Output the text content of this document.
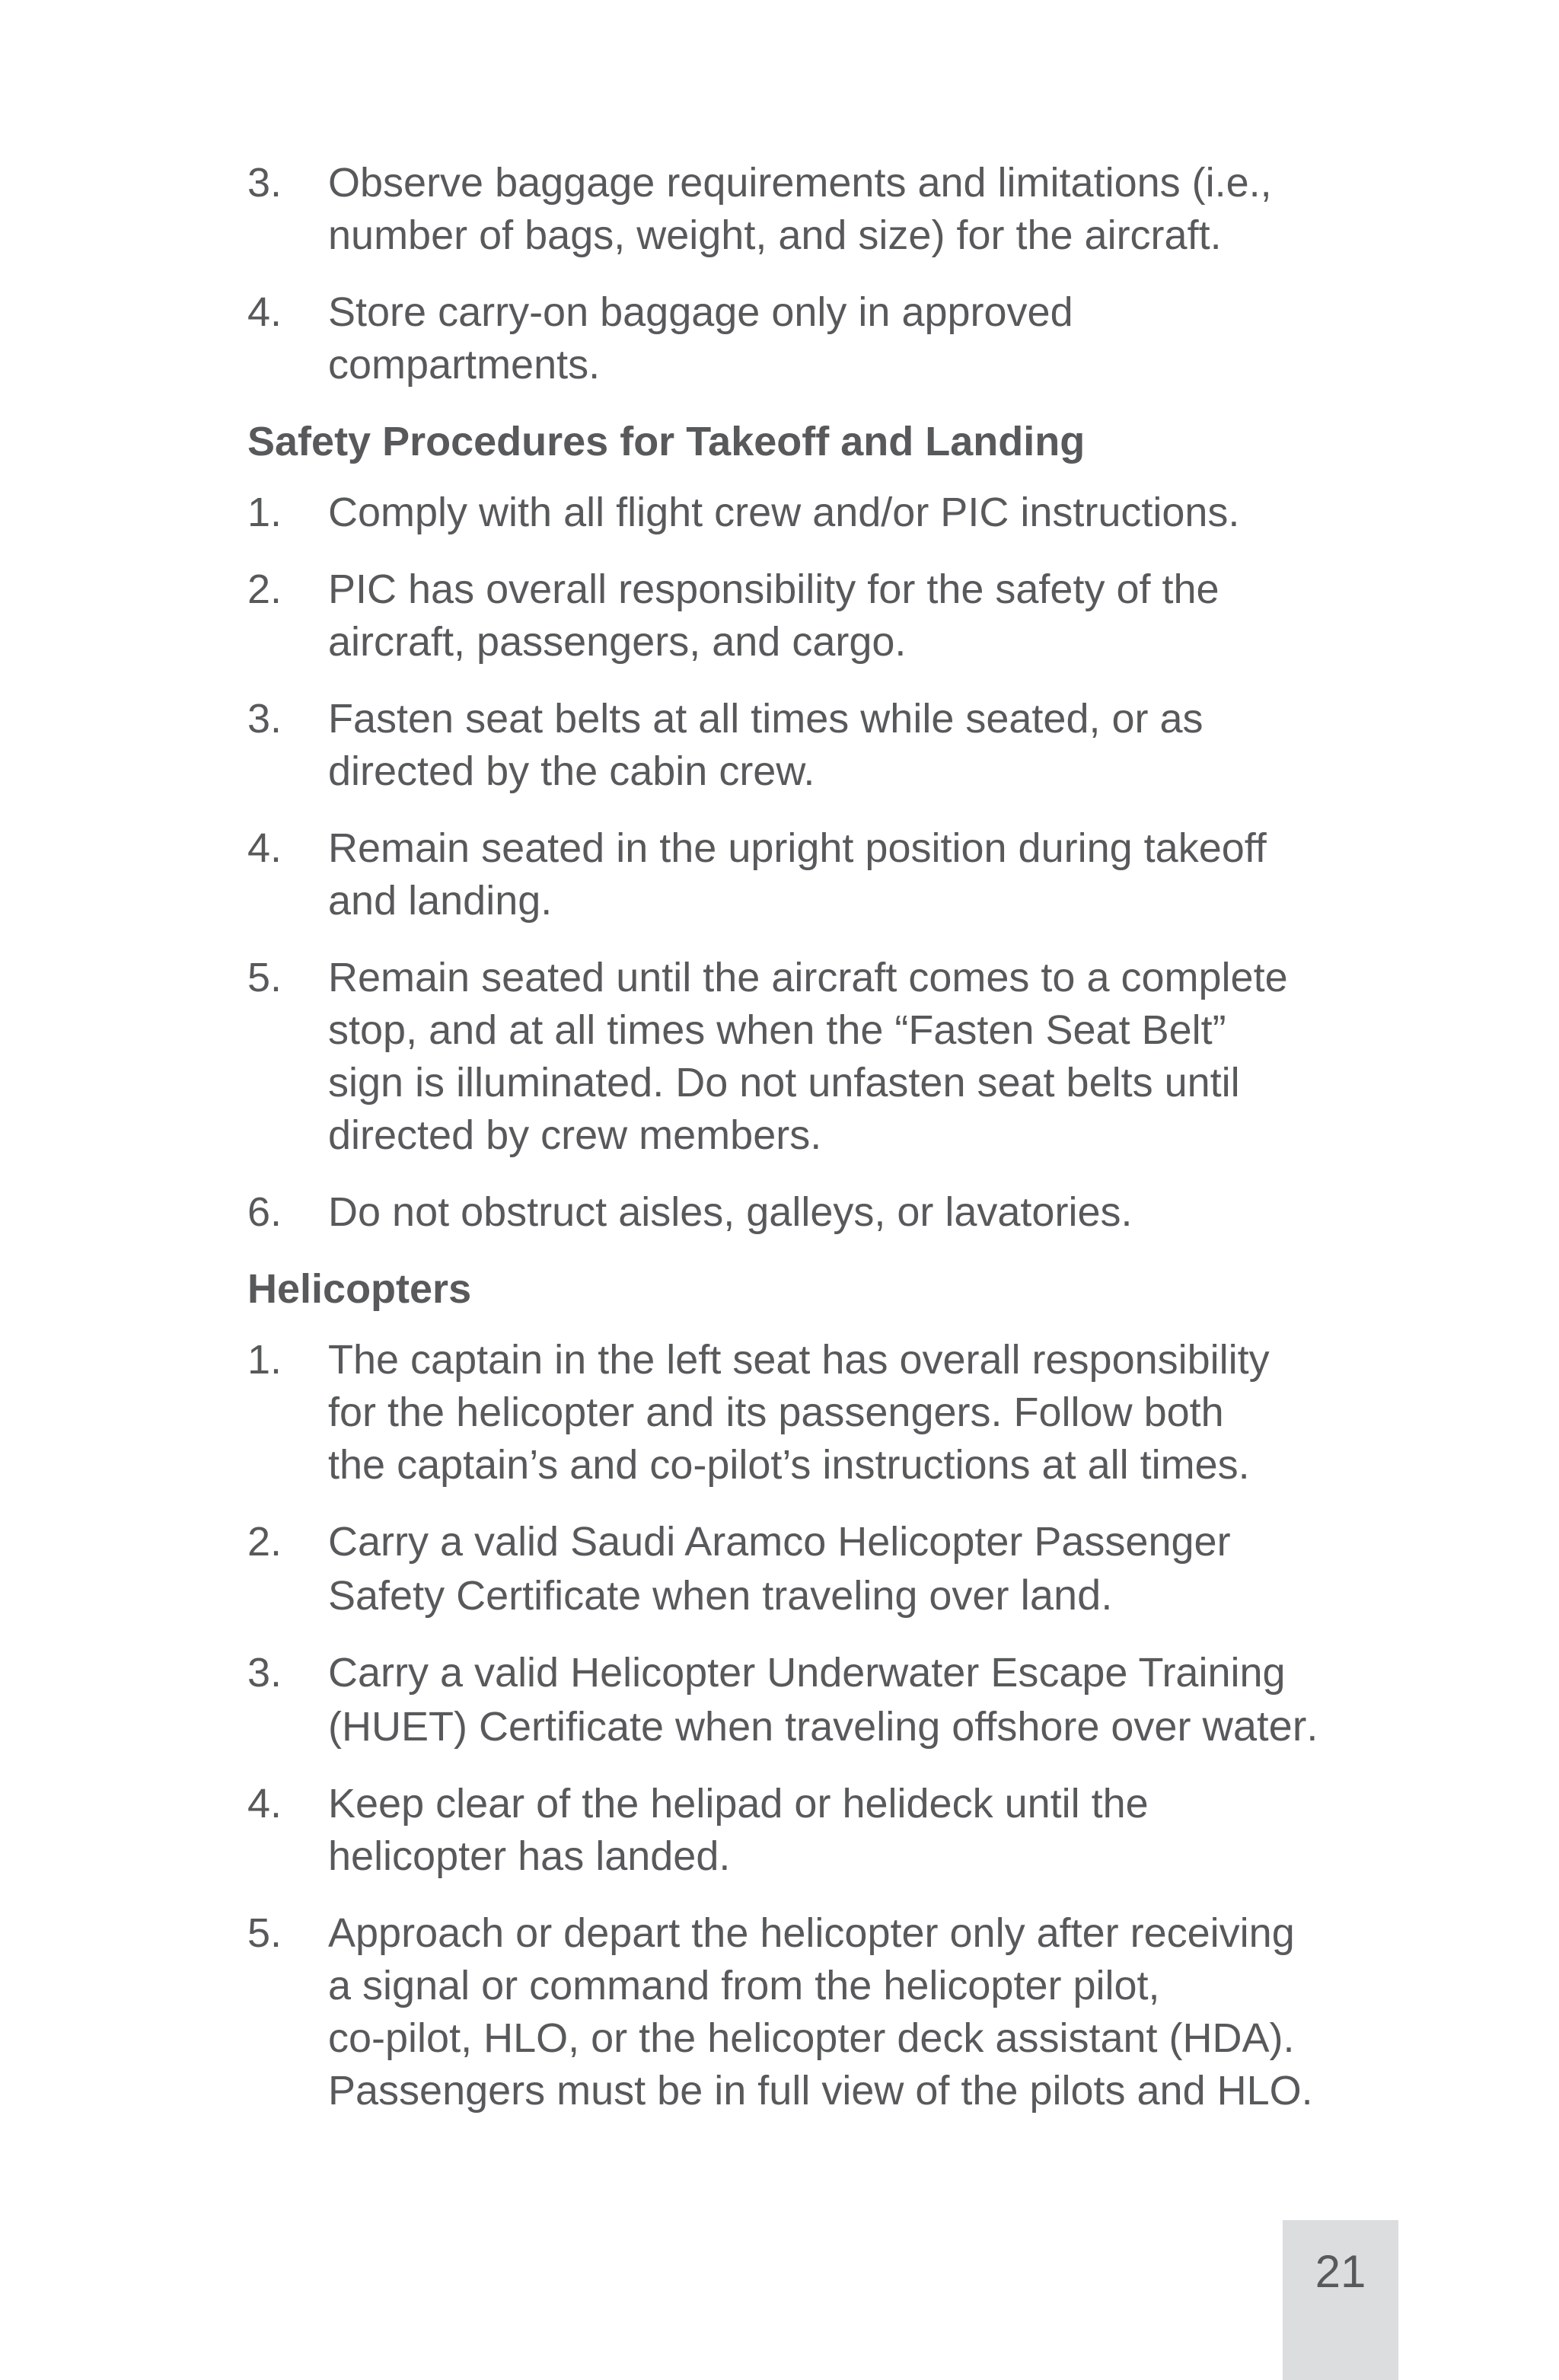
3.	Observe baggage requirements and limitations (i.e.,
number of bags, weight, and size) for the aircraft.
4.	Store carry-on baggage only in approved
compartments.
Safety Procedures for Takeoff and Landing
1.	Comply with all flight crew and/or PIC instructions.
2.	PIC has overall responsibility for the safety of the
aircraft, passengers, and cargo.
3.	Fasten seat belts at all times while seated, or as
directed by the cabin crew.
4.	Remain seated in the upright position during takeoff
and landing.
5.	Remain seated until the aircraft comes to a complete
stop, and at all times when the “Fasten Seat Belt”
sign is illuminated. Do not unfasten seat belts until
directed by crew members.
6.	Do not obstruct aisles, galleys, or lavatories.
Helicopters
1.	The captain in the left seat has overall responsibility
for the helicopter and its passengers. Follow both
the captain’s and co-pilot’s instructions at all times.
2.	Carry a valid Saudi Aramco Helicopter Passenger
Safety Certificate when traveling over land.
3.	Carry a valid Helicopter Underwater Escape Training
(HUET) Certificate when traveling offshore over water.
4.	Keep clear of the helipad or helideck until the
helicopter has landed.
5.	Approach or depart the helicopter only after receiving
a signal or command from the helicopter pilot,
co-pilot, HLO, or the helicopter deck assistant (HDA).
Passengers must be in full view of the pilots and HLO.
21
